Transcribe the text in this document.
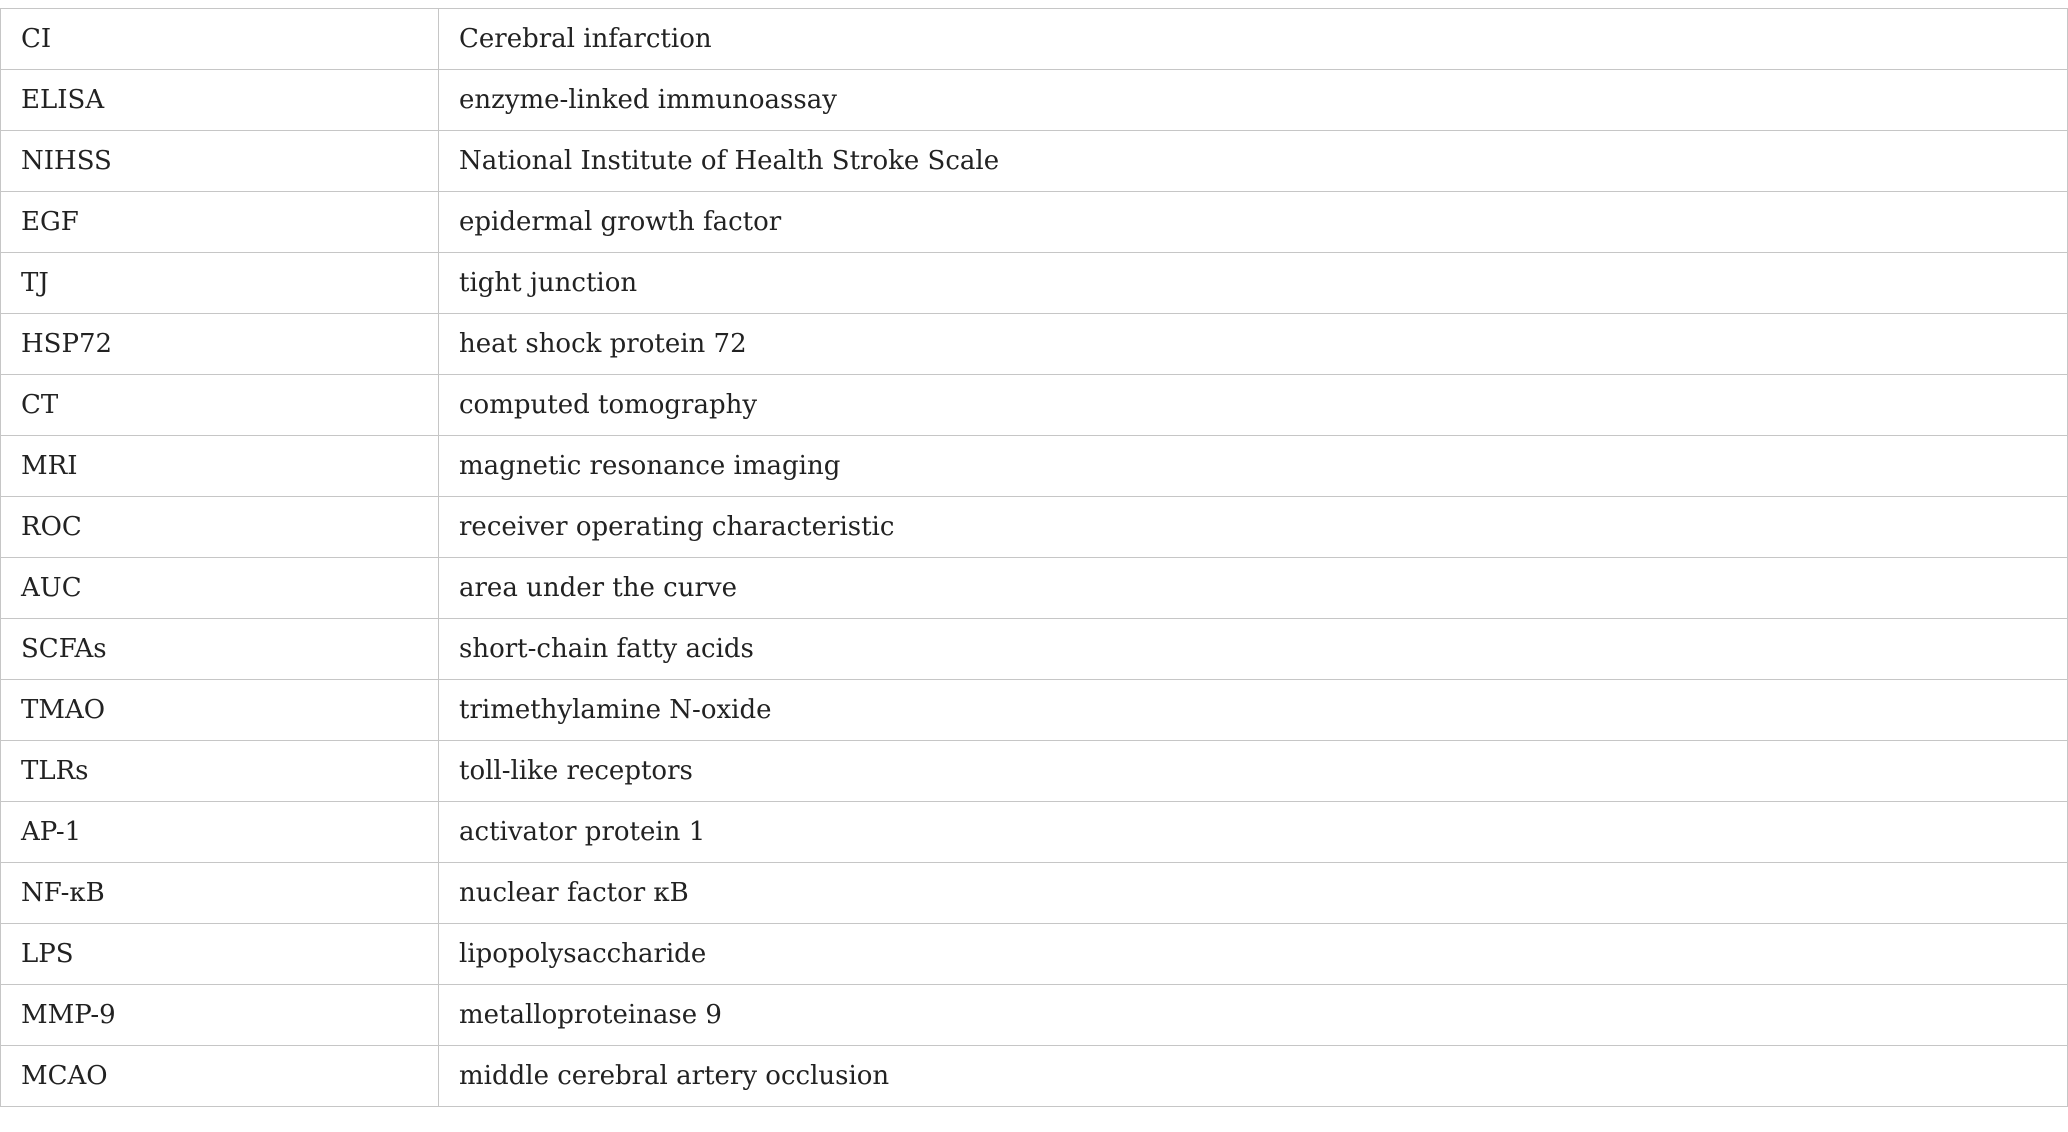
CI	Cerebral infarction
ELISA	enzyme-linked immunoassay
NIHSS	National Institute of Health Stroke Scale
EGF	epidermal growth factor
TJ	tight junction
HSP72	heat shock protein 72
CT	computed tomography
MRI	magnetic resonance imaging
ROC	receiver operating characteristic
AUC	area under the curve
SCFAs	short-chain fatty acids
TMAO	trimethylamine N-oxide
TLRs	toll-like receptors
AP-1	activator protein 1
NF-κB	nuclear factor κB
LPS	lipopolysaccharide
MMP-9	metalloproteinase 9
MCAO	middle cerebral artery occlusion
